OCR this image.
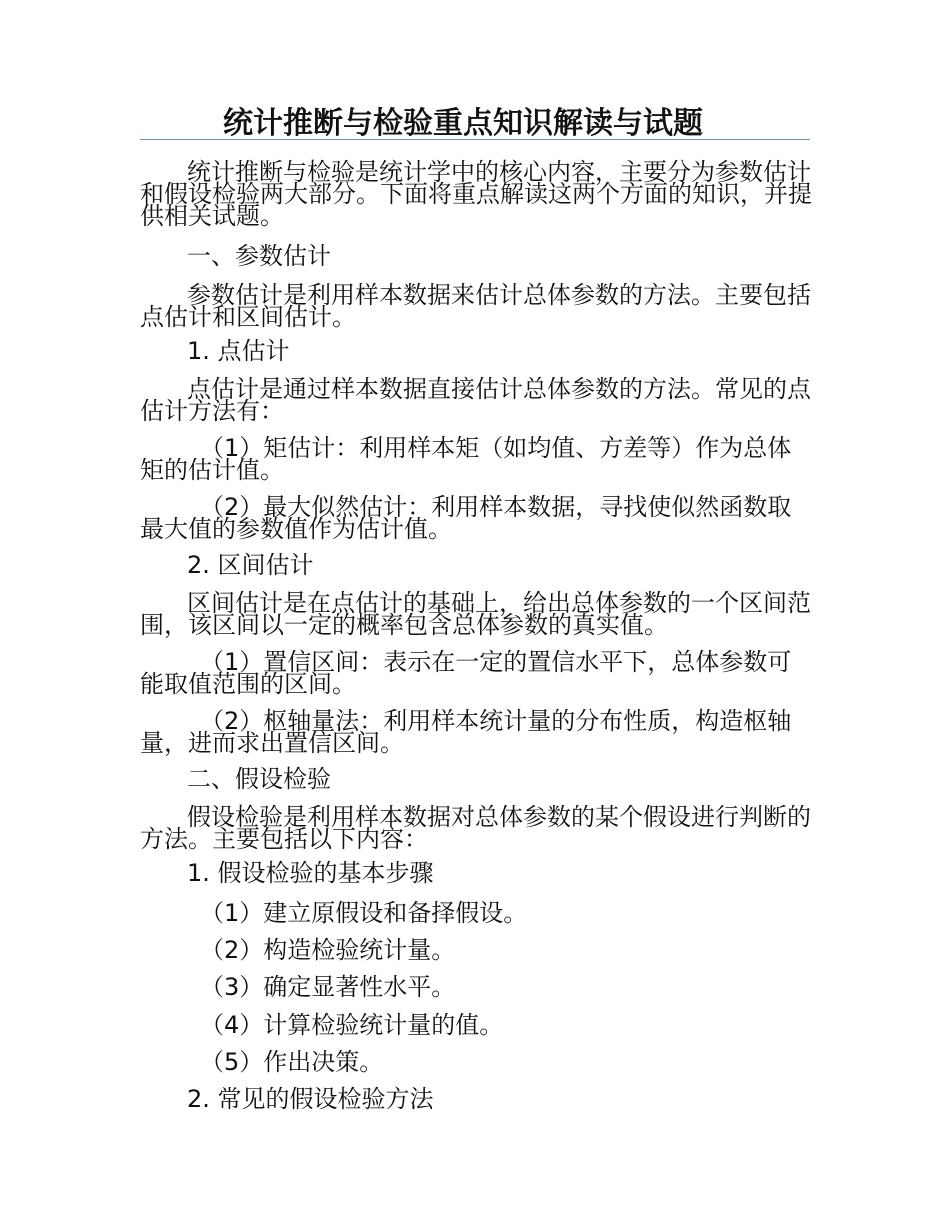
统计推断与检验重点知识解读与试题
统计推断与检验是统计学中的核心内容，主要分为参数估计和假设检验两大部分。下面将重点解读这两个方面的知识，并提供相关试题。
一、参数估计
参数估计是利用样本数据来估计总体参数的方法。主要包括点估计和区间估计。
1. 点估计
点估计是通过样本数据直接估计总体参数的方法。常见的点估计方法有：
（1）矩估计：利用样本矩（如均值、方差等）作为总体矩的估计值。
（2）最大似然估计：利用样本数据，寻找使似然函数取最大值的参数值作为估计值。
2. 区间估计
区间估计是在点估计的基础上，给出总体参数的一个区间范围，该区间以一定的概率包含总体参数的真实值。
（1）置信区间：表示在一定的置信水平下，总体参数可能取值范围的区间。
（2）枢轴量法：利用样本统计量的分布性质，构造枢轴量，进而求出置信区间。
二、假设检验
假设检验是利用样本数据对总体参数的某个假设进行判断的方法。主要包括以下内容：
1. 假设检验的基本步骤
（1）建立原假设和备择假设。
（2）构造检验统计量。
（3）确定显著性水平。
（4）计算检验统计量的值。
（5）作出决策。
2. 常见的假设检验方法
